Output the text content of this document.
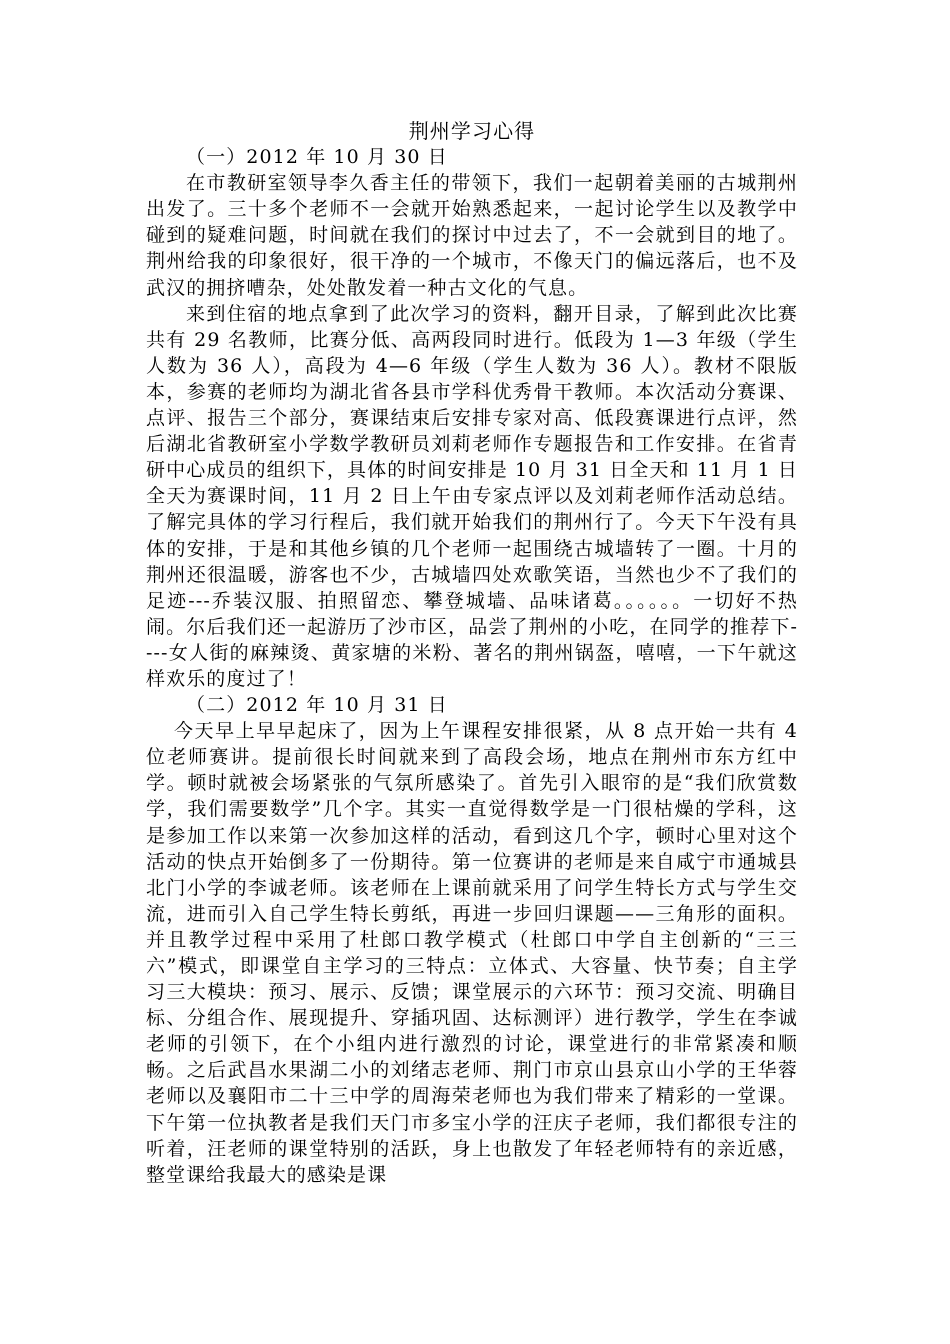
荆州学习心得

（一）2012 年 10 月 30 日

在市教研室领导李久香主任的带领下，我们一起朝着美丽的古城荆州出发了。三十多个老师不一会就开始熟悉起来，一起讨论学生以及教学中碰到的疑难问题，时间就在我们的探讨中过去了，不一会就到目的地了。荆州给我的印象很好，很干净的一个城市，不像天门的偏远落后，也不及武汉的拥挤嘈杂，处处散发着一种古文化的气息。

来到住宿的地点拿到了此次学习的资料，翻开目录，了解到此次比赛共有 29 名教师，比赛分低、高两段同时进行。低段为 1—3 年级（学生人数为 36 人），高段为 4—6 年级（学生人数为 36 人）。教材不限版本，参赛的老师均为湖北省各县市学科优秀骨干教师。本次活动分赛课、点评、报告三个部分，赛课结束后安排专家对高、低段赛课进行点评，然后湖北省教研室小学数学教研员刘莉老师作专题报告和工作安排。在省青研中心成员的组织下，具体的时间安排是 10 月 31 日全天和 11 月 1 日全天为赛课时间，11 月 2 日上午由专家点评以及刘莉老师作活动总结。了解完具体的学习行程后，我们就开始我们的荆州行了。今天下午没有具体的安排，于是和其他乡镇的几个老师一起围绕古城墙转了一圈。十月的荆州还很温暖，游客也不少，古城墙四处欢歌笑语，当然也少不了我们的足迹---乔装汉服、拍照留恋、攀登城墙、品味诸葛。。。。。。一切好不热闹。尔后我们还一起游历了沙市区，品尝了荆州的小吃，在同学的推荐下----女人街的麻辣烫、黄家塘的米粉、著名的荆州锅盔，嘻嘻，一下午就这样欢乐的度过了！

（二）2012 年 10 月 31 日

今天早上早早起床了，因为上午课程安排很紧，从 8 点开始一共有 4 位老师赛讲。提前很长时间就来到了高段会场，地点在荆州市东方红中学。顿时就被会场紧张的气氛所感染了。首先引入眼帘的是“我们欣赏数学，我们需要数学”几个字。其实一直觉得数学是一门很枯燥的学科，这是参加工作以来第一次参加这样的活动，看到这几个字，顿时心里对这个活动的快点开始倒多了一份期待。第一位赛讲的老师是来自咸宁市通城县北门小学的李诚老师。该老师在上课前就采用了问学生特长方式与学生交流，进而引入自己学生特长剪纸，再进一步回归课题——三角形的面积。并且教学过程中采用了杜郎口教学模式（杜郎口中学自主创新的“三三六”模式，即课堂自主学习的三特点：立体式、大容量、快节奏；自主学习三大模块：预习、展示、反馈；课堂展示的六环节：预习交流、明确目标、分组合作、展现提升、穿插巩固、达标测评）进行教学，学生在李诚老师的引领下，在个小组内进行激烈的讨论，课堂进行的非常紧凑和顺畅。之后武昌水果湖二小的刘绪志老师、荆门市京山县京山小学的王华蓉老师以及襄阳市二十三中学的周海荣老师也为我们带来了精彩的一堂课。下午第一位执教者是我们天门市多宝小学的汪庆子老师，我们都很专注的听着，汪老师的课堂特别的活跃，身上也散发了年轻老师特有的亲近感，整堂课给我最大的感染是课
